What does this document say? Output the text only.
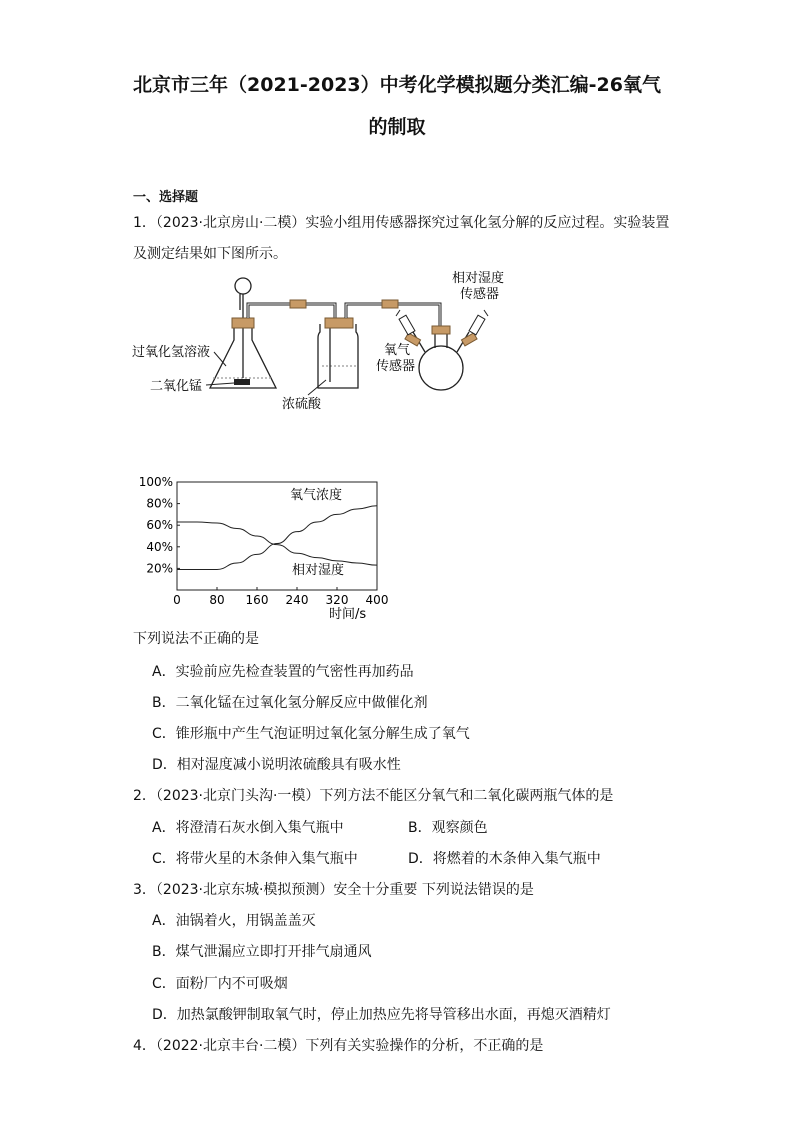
北京市三年（2021-2023）中考化学模拟题分类汇编-26氧气
的制取
一、选择题
1．（2023·北京房山·二模）实验小组用传感器探究过氧化氢分解的反应过程。实验装置
及测定结果如下图所示。
过氧化氢溶液
二氧化锰
浓硫酸
氧气
传感器
相对湿度
传感器
20%
40%
60%
80%
100%
0 80 160 240 320 400
氧气浓度
相对湿度
时间/s
下列说法不正确的是
A．实验前应先检查装置的气密性再加药品
B．二氧化锰在过氧化氢分解反应中做催化剂
C．锥形瓶中产生气泡证明过氧化氢分解生成了氧气
D．相对湿度减小说明浓硫酸具有吸水性
2．（2023·北京门头沟·一模）下列方法不能区分氧气和二氧化碳两瓶气体的是
A．将澄清石灰水倒入集气瓶中	B．观察颜色
C．将带火星的木条伸入集气瓶中	D．将燃着的木条伸入集气瓶中
3．（2023·北京东城·模拟预测）安全十分重要 下列说法错误的是
A．油锅着火，用锅盖盖灭
B．煤气泄漏应立即打开排气扇通风
C．面粉厂内不可吸烟
D．加热氯酸钾制取氧气时，停止加热应先将导管移出水面，再熄灭酒精灯
4．（2022·北京丰台·二模）下列有关实验操作的分析，不正确的是
